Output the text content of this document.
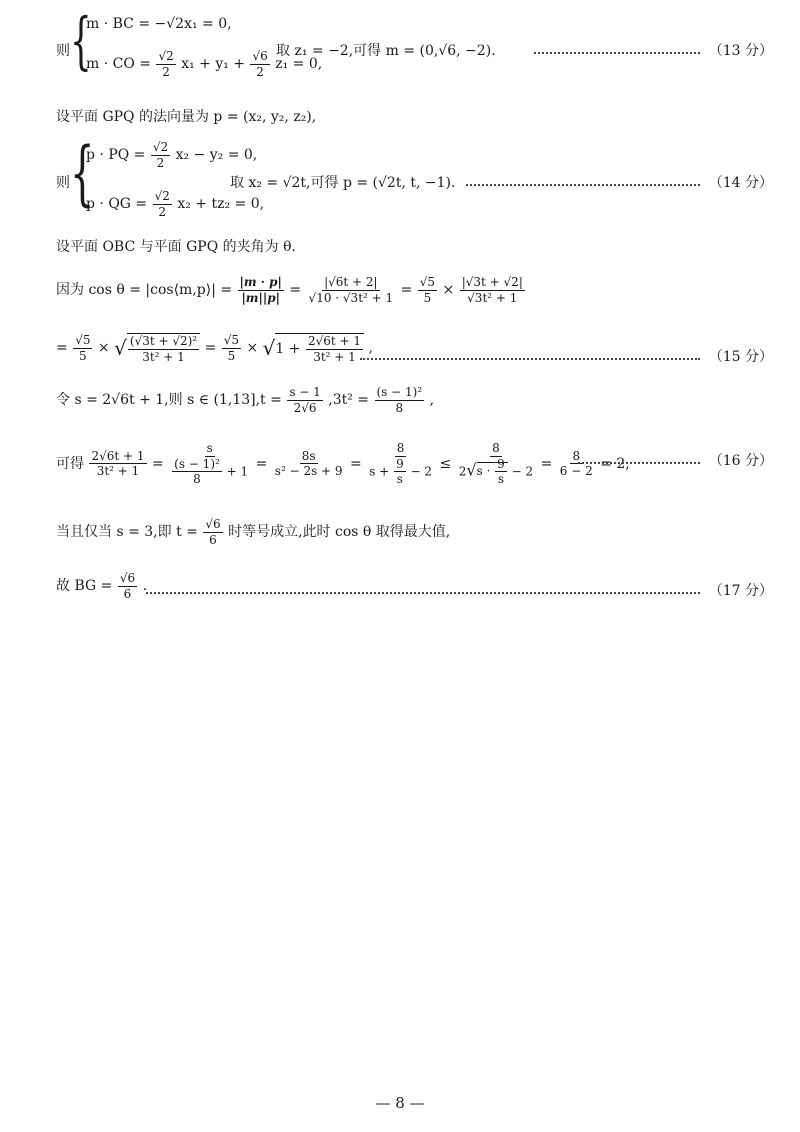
则 {
m · BC = −√2x₁ = 0,
m · CO = $\frac{√2}{2} x_1 + y_1 + \frac{√6}{2} z_1 = 0$,
取 z₁ = −2,可得 m = (0,√6, −2).	（13 分）
设平面 GPQ 的法向量为 p = (x₂, y₂, z₂),
则 {
p · PQ = $\frac{√2}{2} x_2 - y_2 = 0$,
p · QG = $\frac{√2}{2} x_2 + tz_2 = 0$,
取 x₂ = √2t,可得 p = (√2t, t, −1).	（14 分）
设平面 OBC 与平面 GPQ 的夹角为 θ.
因为 cos θ = |cos⟨m,p⟩| = $\frac{|m \cdot p|}{|m||p|} = \frac{|√6t + 2|}{\text{√10 · √3t² + 1}} = \frac{√5}{5} \times \frac{|√3t + √2|}{\text{√3t² + 1}}$
= $\frac{√5}{5}$ × √ $\frac{\text{(√3t + √2)²}}{\text{3t² + 1}} = \frac{√5}{5} \times √1 + \frac{2√6t + 1}{\text{3t² + 1}}$ ,
（15 分）
令 s = 2√6t + 1,则 s ∈ $(1,13],t = \frac{s - 1}{2√6} ,3t^2 = \frac{\text{(s − 1)²}}{8}$ ,
可得 $\frac{2√6t + 1}{\text{3t² + 1}} = \frac{s}{\frac{\text{(s − 1)²}}{8} + 1} = \frac{8s}{\text{s² − 2s + 9}} = \frac{8}{s + \frac{9}{s} - 2} \le \frac{8}{2√s \cdot \frac{9}{s} - 2} = \frac{8}{6 - 2} = 2$,	（16 分）
当且仅当 s = 3,即 $t = \frac{√6}{6}$ 时等号成立,此时 cos θ 取得最大值,
故 BG = $\frac{√6}{6}$ .	（17 分）
— 8 —
